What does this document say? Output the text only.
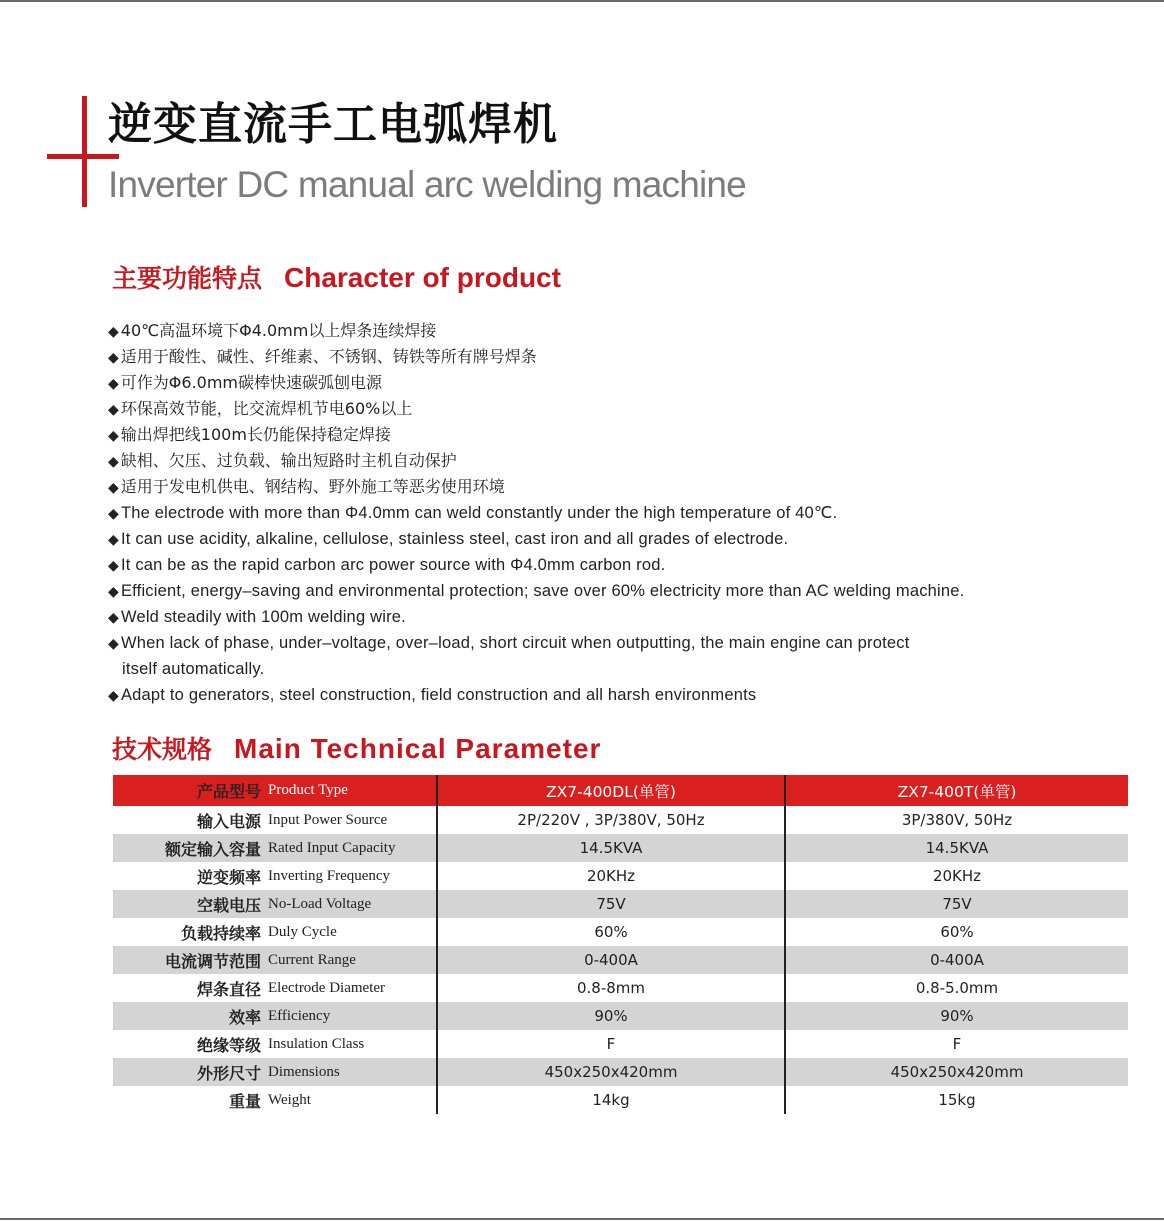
逆变直流手工电弧焊机
Inverter DC manual arc welding machine
主要功能特点 Character of product
◆ 40℃高温环境下Φ4.0mm以上焊条连续焊接
◆ 适用于酸性、碱性、纤维素、不锈钢、铸铁等所有牌号焊条
◆ 可作为Φ6.0mm碳棒快速碳弧刨电源
◆ 环保高效节能，比交流焊机节电60%以上
◆ 输出焊把线100m长仍能保持稳定焊接
◆ 缺相、欠压、过负载、输出短路时主机自动保护
◆ 适用于发电机供电、钢结构、野外施工等恶劣使用环境
◆ The electrode with more than Φ4.0mm can weld constantly under the high temperature of 40℃.
◆ It can use acidity, alkaline, cellulose, stainless steel, cast iron and all grades of electrode.
◆ It can be as the rapid carbon arc power source with Φ4.0mm carbon rod.
◆ Efficient, energy–saving and environmental protection; save over 60% electricity more than AC welding machine.
◆ Weld steadily with 100m welding wire.
◆ When lack of phase, under–voltage, over–load, short circuit when outputting, the main engine can protect
itself automatically.
◆ Adapt to generators, steel construction, field construction and all harsh environments
技术规格 Main Technical Parameter
产品型号	Product Type	ZX7-400DL(单管)	ZX7-400T(单管)
输入电源	Input Power Source	2P/220V , 3P/380V, 50Hz	3P/380V, 50Hz
额定输入容量	Rated Input Capacity	14.5KVA	14.5KVA
逆变频率	Inverting Frequency	20KHz	20KHz
空载电压	No-Load Voltage	75V	75V
负载持续率	Duly Cycle	60%	60%
电流调节范围	Current Range	0-400A	0-400A
焊条直径	Electrode Diameter	0.8-8mm	0.8-5.0mm
效率	Efficiency	90%	90%
绝缘等级	Insulation Class	F	F
外形尺寸	Dimensions	450x250x420mm	450x250x420mm
重量	Weight	14kg	15kg
